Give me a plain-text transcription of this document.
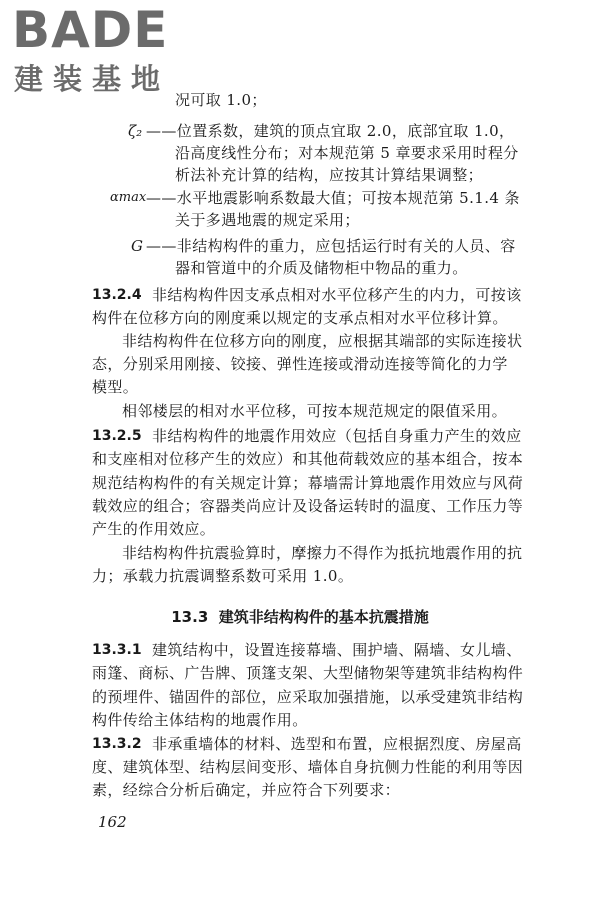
BADE
建装基地
况可取 1.0；
ζ₂ ——位置系数，建筑的顶点宜取 2.0，底部宜取 1.0，
沿高度线性分布；对本规范第 5 章要求采用时程分
析法补充计算的结构，应按其计算结果调整；
αmax ——水平地震影响系数最大值；可按本规范第 5.1.4 条
关于多遇地震的规定采用；
G ——非结构构件的重力，应包括运行时有关的人员、容
器和管道中的介质及储物柜中物品的重力。
13.2.4 非结构构件因支承点相对水平位移产生的内力，可按该
构件在位移方向的刚度乘以规定的支承点相对水平位移计算。
非结构构件在位移方向的刚度，应根据其端部的实际连接状
态，分别采用刚接、铰接、弹性连接或滑动连接等简化的力学
模型。
相邻楼层的相对水平位移，可按本规范规定的限值采用。
13.2.5 非结构构件的地震作用效应（包括自身重力产生的效应
和支座相对位移产生的效应）和其他荷载效应的基本组合，按本
规范结构构件的有关规定计算；幕墙需计算地震作用效应与风荷
载效应的组合；容器类尚应计及设备运转时的温度、工作压力等
产生的作用效应。
非结构构件抗震验算时，摩擦力不得作为抵抗地震作用的抗
力；承载力抗震调整系数可采用 1.0。
13.3 建筑非结构构件的基本抗震措施
13.3.1 建筑结构中，设置连接幕墙、围护墙、隔墙、女儿墙、
雨篷、商标、广告牌、顶篷支架、大型储物架等建筑非结构构件
的预埋件、锚固件的部位，应采取加强措施，以承受建筑非结构
构件传给主体结构的地震作用。
13.3.2 非承重墙体的材料、选型和布置，应根据烈度、房屋高
度、建筑体型、结构层间变形、墙体自身抗侧力性能的利用等因
素，经综合分析后确定，并应符合下列要求：
162
